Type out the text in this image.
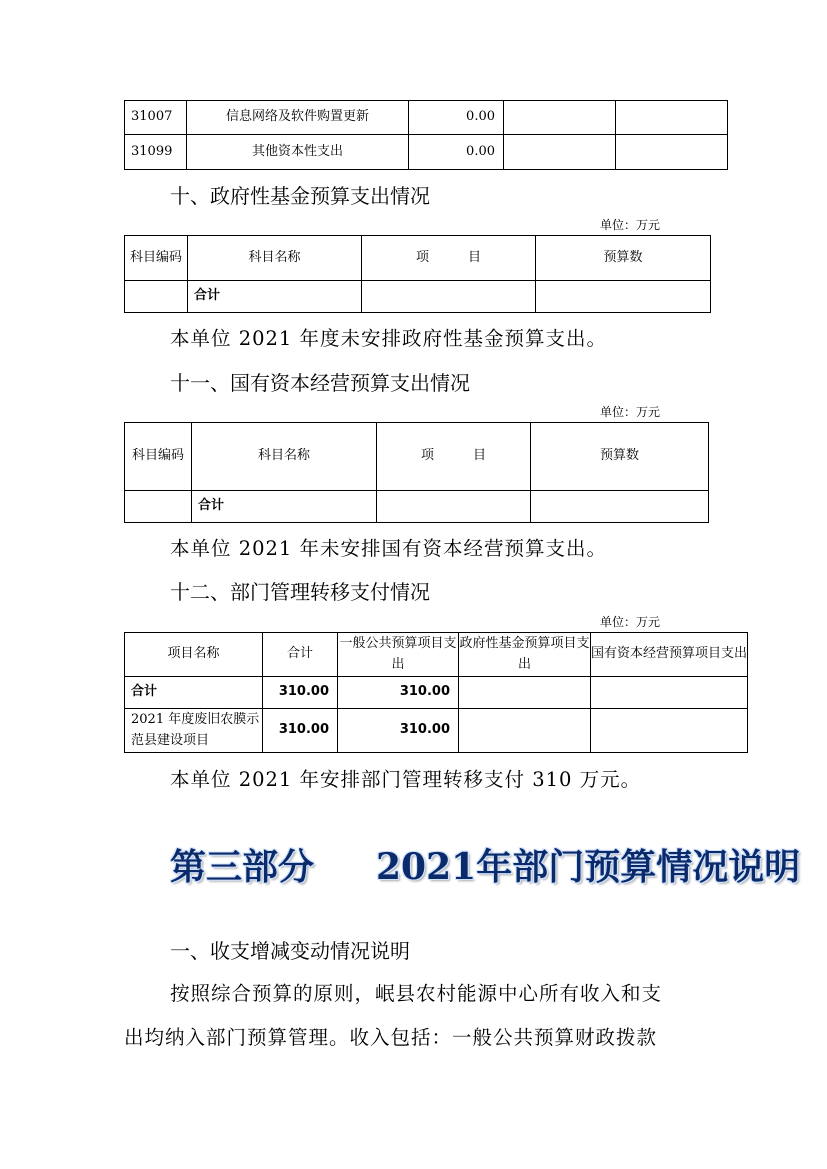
31007	信息网络及软件购置更新	0.00		
31099	其他资本性支出	0.00		
十、政府性基金预算支出情况
单位：万元
科目编码	科目名称	项　　　目	预算数
	合计		
本单位 2021 年度未安排政府性基金预算支出。
十一、国有资本经营预算支出情况
单位：万元
科目编码	科目名称	项　　　目	预算数
	合计		
本单位 2021 年未安排国有资本经营预算支出。
十二、部门管理转移支付情况
单位：万元
项目名称	合计	一般公共预算项目支出	政府性基金预算项目支出	国有资本经营预算项目支出
合计	310.00	310.00		
2021 年度废旧农膜示范县建设项目	310.00	310.00		
本单位 2021 年安排部门管理转移支付 310 万元。
第三部分 2021年部门预算情况说明
一、收支增减变动情况说明
按照综合预算的原则，岷县农村能源中心所有收入和支
出均纳入部门预算管理。收入包括：一般公共预算财政拨款
